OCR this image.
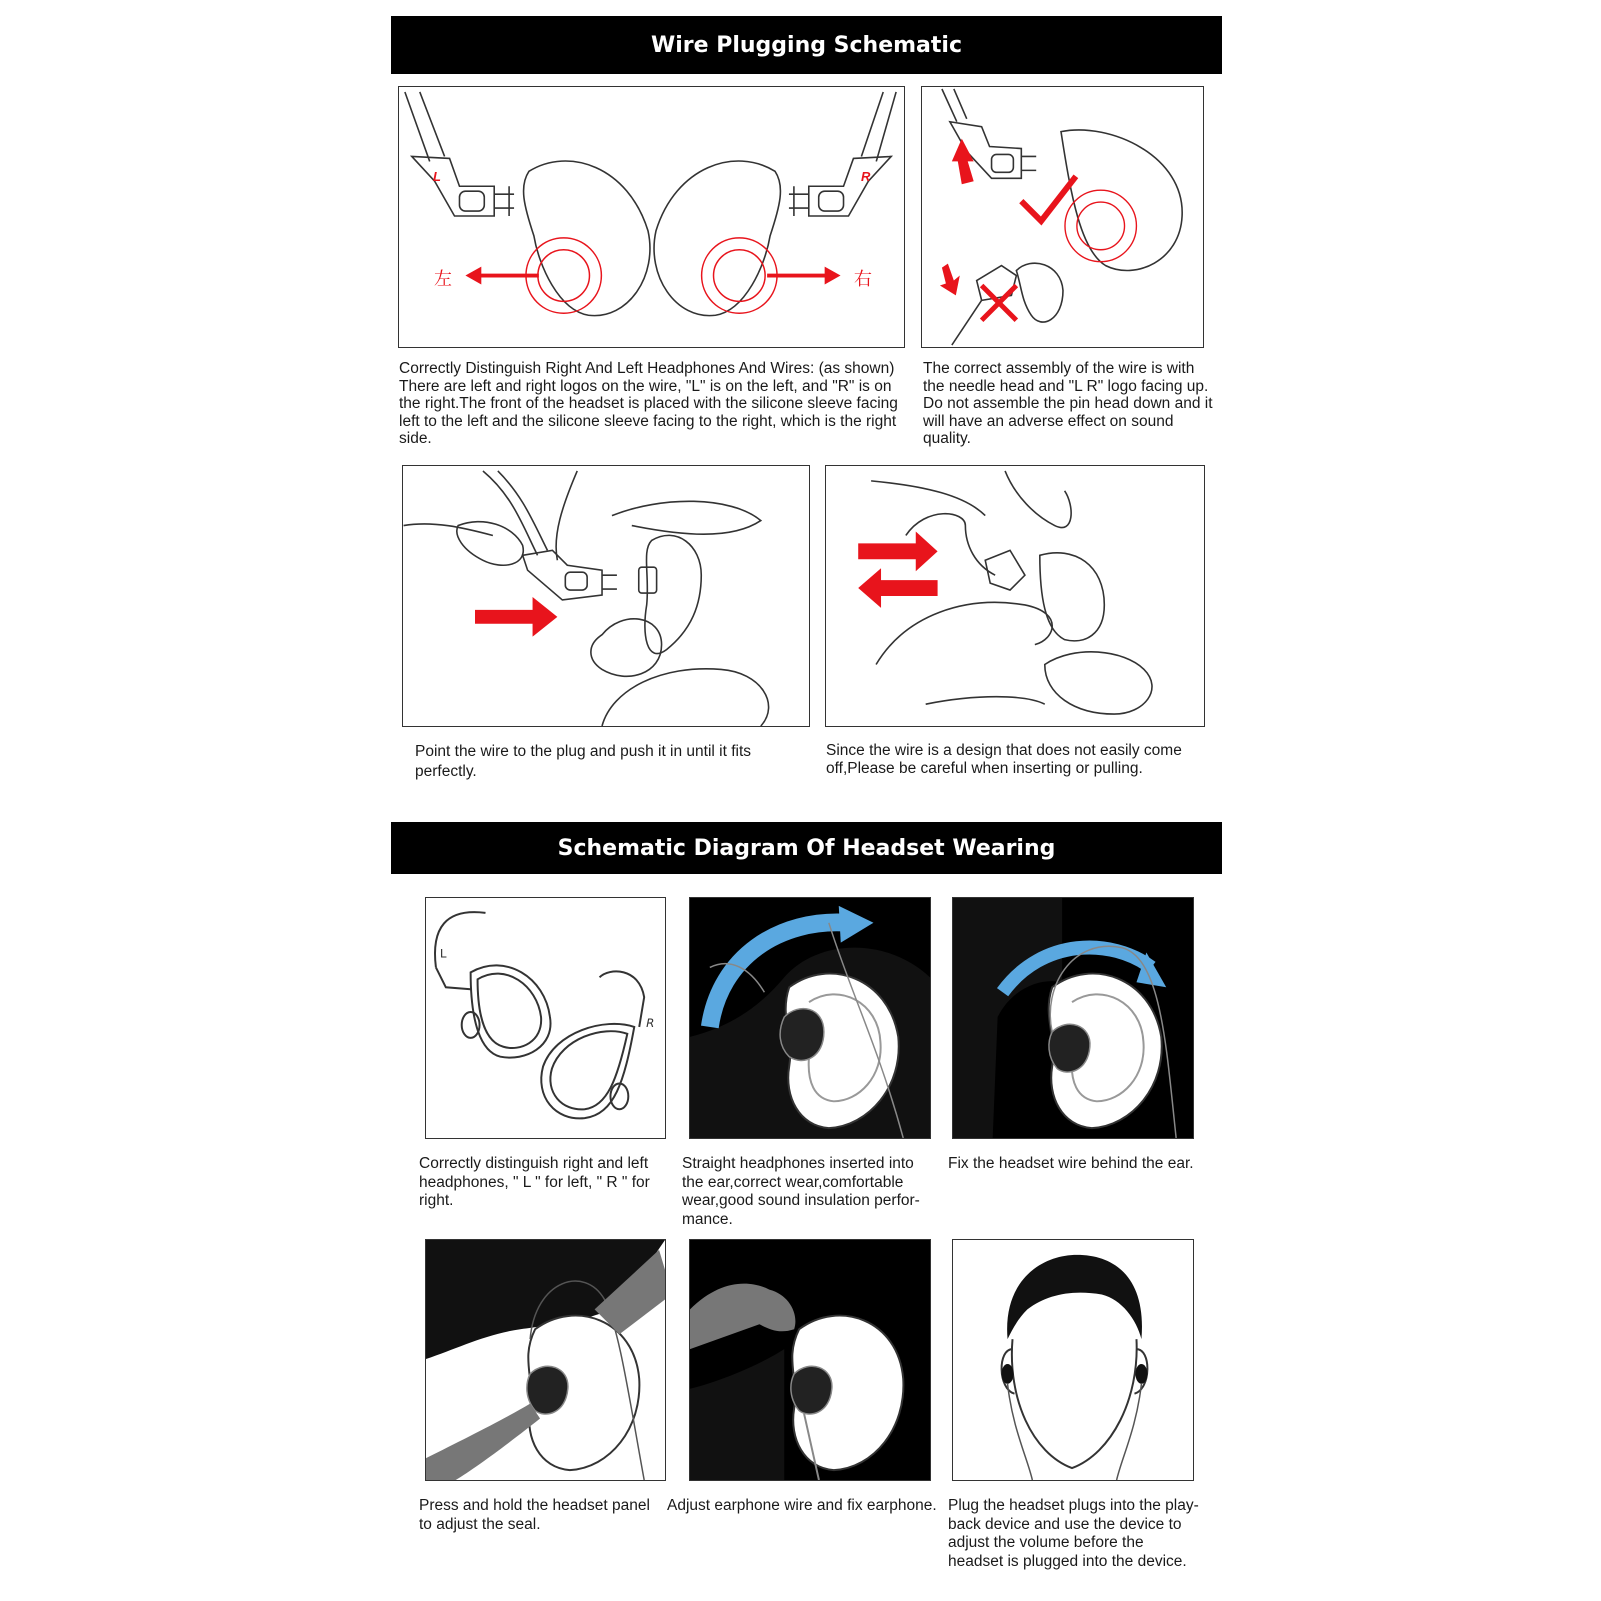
Wire Plugging Schematic
左	右
L	R
Correctly Distinguish Right And Left Headphones And Wires: (as shown) There are left and right logos on the wire, "L" is on the left, and "R" is on the right.The front of the headset is placed with the silicone sleeve facing left to the left and the silicone sleeve facing to the right, which is the right side.
The correct assembly of the wire is with the needle head and "L R" logo facing up. Do not assemble the pin head down and it will have an adverse effect on sound quality.
Point the wire to the plug and push it in until it fits perfectly.
Since the wire is a design that does not easily come off,Please be careful when inserting or pulling.
Schematic Diagram Of Headset Wearing
L
R
Correctly distinguish right and left headphones, " L " for left, " R " for right.
Straight headphones inserted into the ear,correct wear,comfortable wear,good sound insulation perfor-mance.
Fix the headset wire behind the ear.
Press and hold the headset panel to adjust the seal.
Adjust earphone wire and fix earphone. Plug the headset plugs into the play-back device and use the device to adjust the volume before the headset is plugged into the device.
